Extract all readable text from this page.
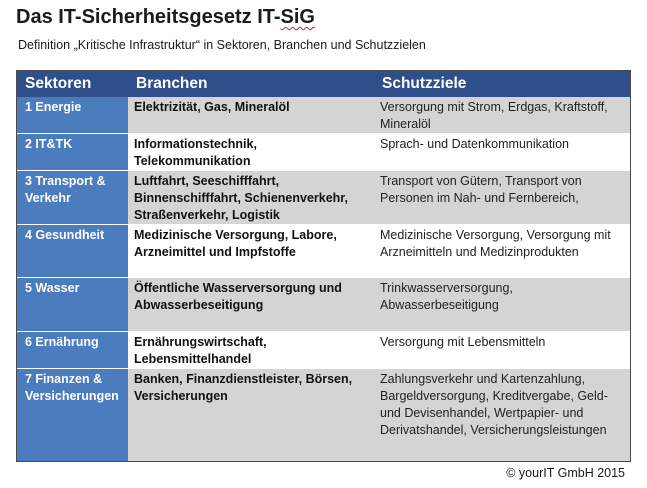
Das IT-Sicherheitsgesetz IT-SiG
Definition „Kritische Infrastruktur“ in Sektoren, Branchen und Schutzzielen
Sektoren	Branchen	Schutzziele
1 Energie	Elektrizität, Gas, Mineralöl	Versorgung mit Strom, Erdgas, Kraftstoff, Mineralöl
2 IT&TK	Informationstechnik, Telekommunikation	Sprach- und Datenkommunikation
3 Transport & Verkehr	Luftfahrt, Seeschifffahrt, Binnenschifffahrt, Schienenverkehr, Straßenverkehr, Logistik	Transport von Gütern, Transport von Personen im Nah- und Fernbereich,
4 Gesundheit	Medizinische Versorgung, Labore, Arzneimittel und Impfstoffe	Medizinische Versorgung, Versorgung mit Arzneimitteln und Medizinprodukten
5 Wasser	Öffentliche Wasserversorgung und Abwasserbeseitigung	Trinkwasserversorgung, Abwasserbeseitigung
6 Ernährung	Ernährungswirtschaft, Lebensmittelhandel	Versorgung mit Lebensmitteln
7 Finanzen & Versicherungen	Banken, Finanzdienstleister, Börsen, Versicherungen	Zahlungsverkehr und Kartenzahlung, Bargeldversorgung, Kreditvergabe, Geld- und Devisenhandel, Wertpapier- und Derivatshandel, Versicherungsleistungen
© yourIT GmbH 2015
